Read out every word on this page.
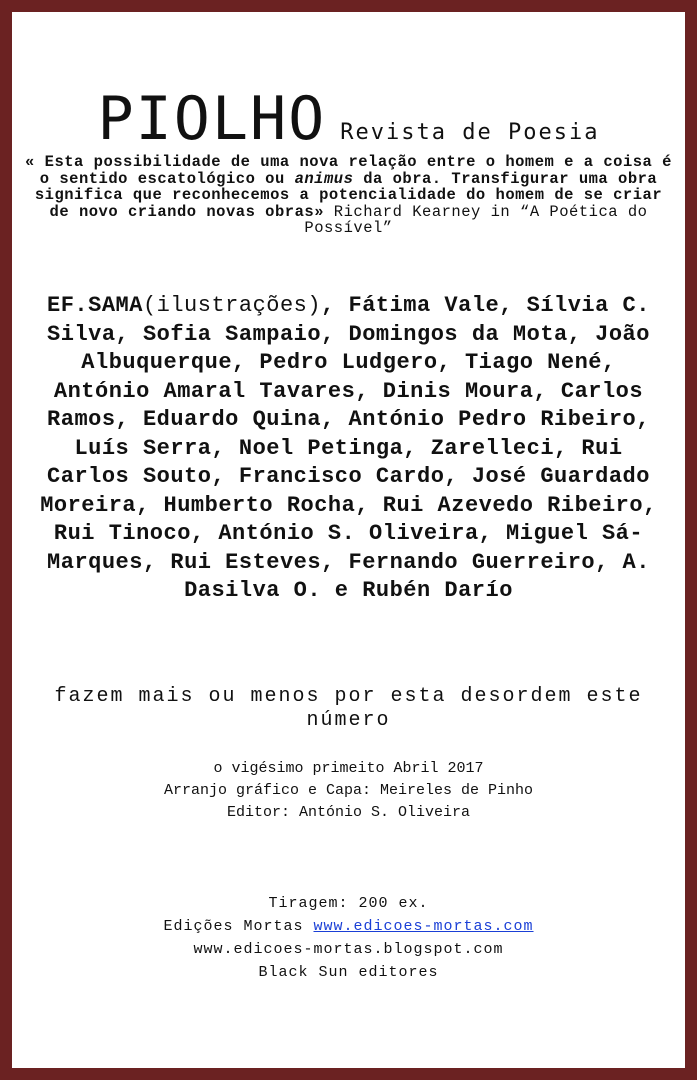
PIOLHO Revista de Poesia
« Esta possibilidade de uma nova relação entre o homem e a coisa é o sentido escatológico ou animus da obra. Transfigurar uma obra significa que reconhecemos a potencialidade do homem de se criar de novo criando novas obras» Richard Kearney in “A Poética do Possível”
EF.SAMA(ilustrações), Fátima Vale, Sílvia C. Silva, Sofia Sampaio, Domingos da Mota, João Albuquerque, Pedro Ludgero, Tiago Nené, António Amaral Tavares, Dinis Moura, Carlos Ramos, Eduardo Quina, António Pedro Ribeiro, Luís Serra, Noel Petinga, Zarelleci, Rui Carlos Souto, Francisco Cardo, José Guardado Moreira, Humberto Rocha, Rui Azevedo Ribeiro, Rui Tinoco, António S. Oliveira, Miguel Sá-Marques, Rui Esteves, Fernando Guerreiro, A. Dasilva O. e Rubén Darío
fazem mais ou menos por esta desordem este número
o vigésimo primeito Abril 2017
Arranjo gráfico e Capa: Meireles de Pinho
Editor: António S. Oliveira
Tiragem: 200 ex.
Edições Mortas www.edicoes-mortas.com
www.edicoes-mortas.blogspot.com
Black Sun editores
